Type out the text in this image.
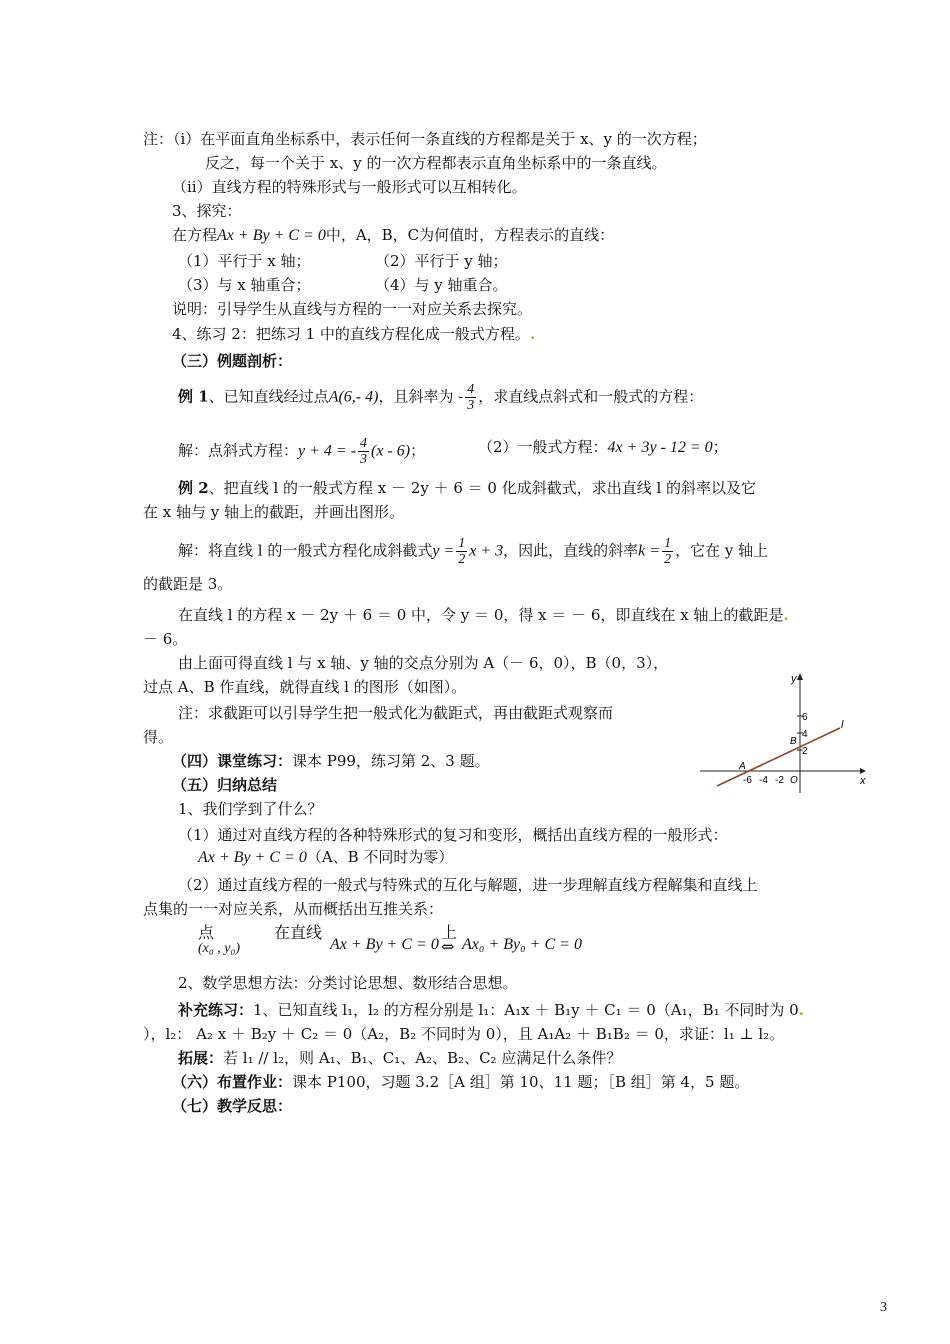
注：（ⅰ）在平面直角坐标系中，表示任何一条直线的方程都是关于 x、y 的一次方程；
反之，每一个关于 x、y 的一次方程都表示直角坐标系中的一条直线。
（ⅱ）直线方程的特殊形式与一般形式可以互相转化。
3、探究：
在方程Ax + By + C = 0中，A，B，C为何值时，方程表示的直线：
（1）平行于 x 轴；	（2）平行于 y 轴；
（3）与 x 轴重合；	（4）与 y 轴重合。
说明：引导学生从直线与方程的一一对应关系去探究。
4、练习 2：把练习 1 中的直线方程化成一般式方程。.
（三）例题剖析：
例 1、已知直线经过点A(6,- 4)，且斜率为 - $\frac{4}{3}$ ，求直线点斜式和一般式的方程：
解：点斜式方程：y + 4 = - $\frac{4}{3} (x - 6)$；	（2）一般式方程：4x + 3y - 12 = 0；
例 2、把直线 l 的一般式方程 x － 2y ＋ 6 ＝ 0 化成斜截式，求出直线 l 的斜率以及它
在 x 轴与 y 轴上的截距，并画出图形。
解：将直线 l 的一般式方程化成斜截式$y = \frac{1}{2}$ x + 3，因此，直线的斜率$k = \frac{1}{2}$ ，它在 y 轴上
的截距是 3。
在直线 l 的方程 x － 2y ＋ 6 ＝ 0 中，令 y ＝ 0，得 x ＝ － 6，即直线在 x 轴上的截距是.
－ 6。
由上面可得直线 l 与 x 轴、y 轴的交点分别为 A（－ 6，0），B（0，3），
过点 A、B 作直线，就得直线 l 的图形（如图）。
注：求截距可以引导学生把一般式化为截距式，再由截距式观察而
得。
x
y
l
O
A
B
-6 -4 -2
6
4
2
（四）课堂练习：课本 P99，练习第 2、3 题。
（五）归纳总结
1、我们学到了什么？
（1）通过对直线方程的各种特殊形式的复习和变形，概括出直线方程的一般形式：
Ax + By + C = 0（A、B 不同时为零）
（2）通过直线方程的一般式与特殊式的互化与解题，进一步理解直线方程解集和直线上
点集的一一对应关系，从而概括出互推关系：
点
(x₀ , y₀)
在直线
Ax + By + C = 0
上
⇔ Ax₀ + By₀ + C = 0
2、数学思想方法：分类讨论思想、数形结合思想。
补充练习：1、已知直线 l₁，l₂ 的方程分别是 l₁：A₁x ＋ B₁y ＋ C₁ ＝ 0（A₁，B₁ 不同时为 0.
），l₂： A₂ x ＋ B₂y ＋ C₂ ＝ 0（A₂，B₂ 不同时为 0），且 A₁A₂ ＋ B₁B₂ ＝ 0，求证：l₁ ⊥ l₂。
拓展：若 l₁ // l₂，则 A₁、B₁、C₁、A₂、B₂、C₂ 应满足什么条件？
（六）布置作业：课本 P100，习题 3.2［A 组］第 10、11 题；［B 组］第 4，5 题。
（七）教学反思：
3
